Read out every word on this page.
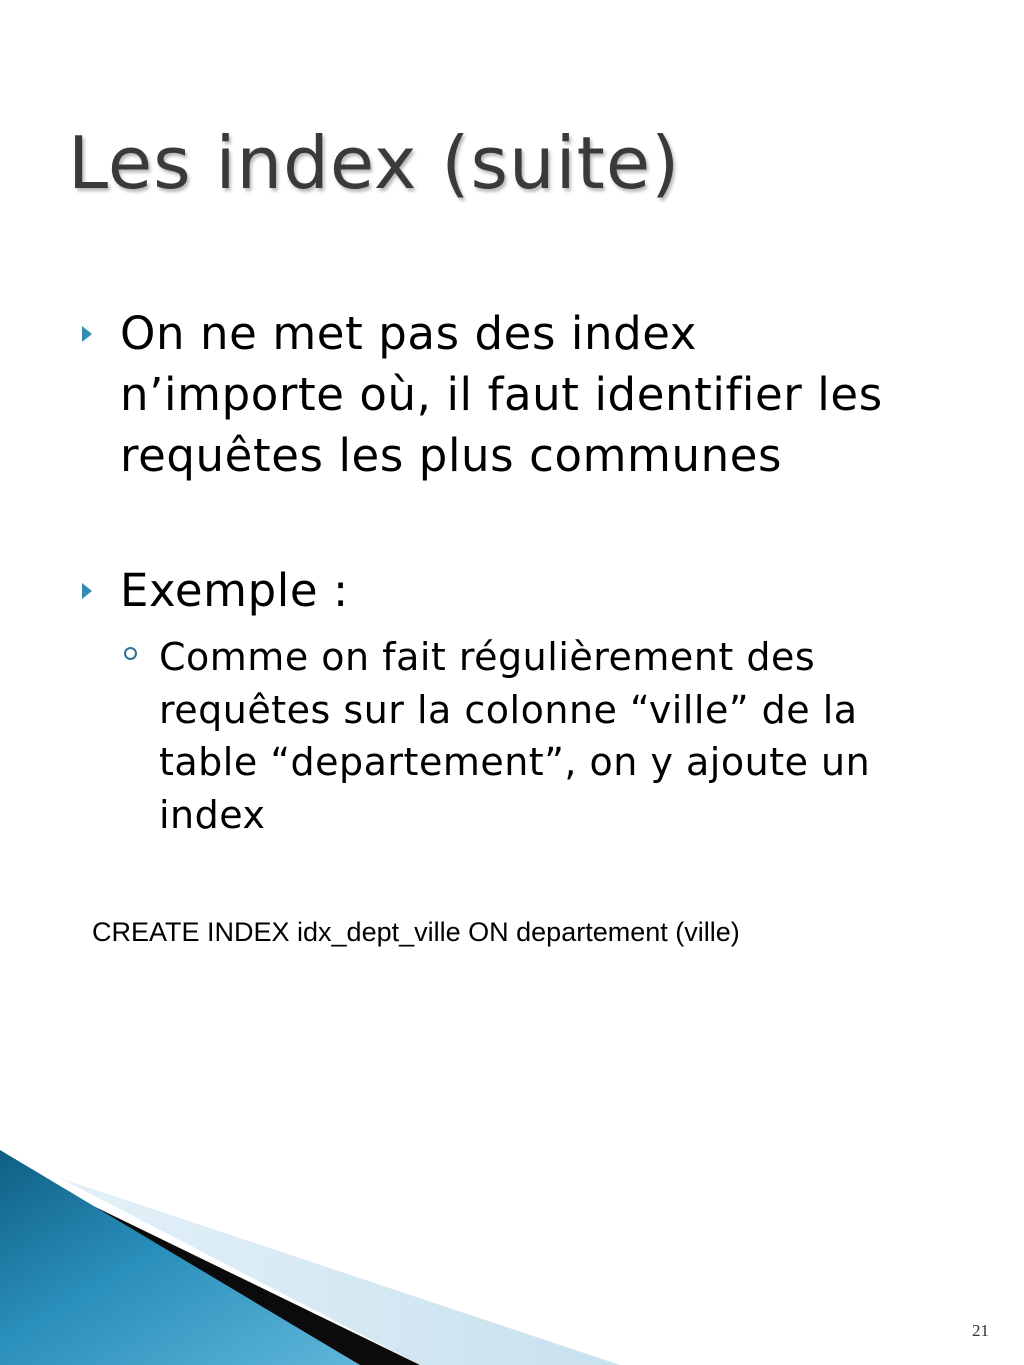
Les index (suite)
On ne met pas des index
n’importe où, il faut identifier les
requêtes les plus communes
Exemple :
Comme on fait régulièrement des
requêtes sur la colonne “ville” de la
table “departement”, on y ajoute un
index
CREATE INDEX idx_dept_ville ON departement (ville)
21
